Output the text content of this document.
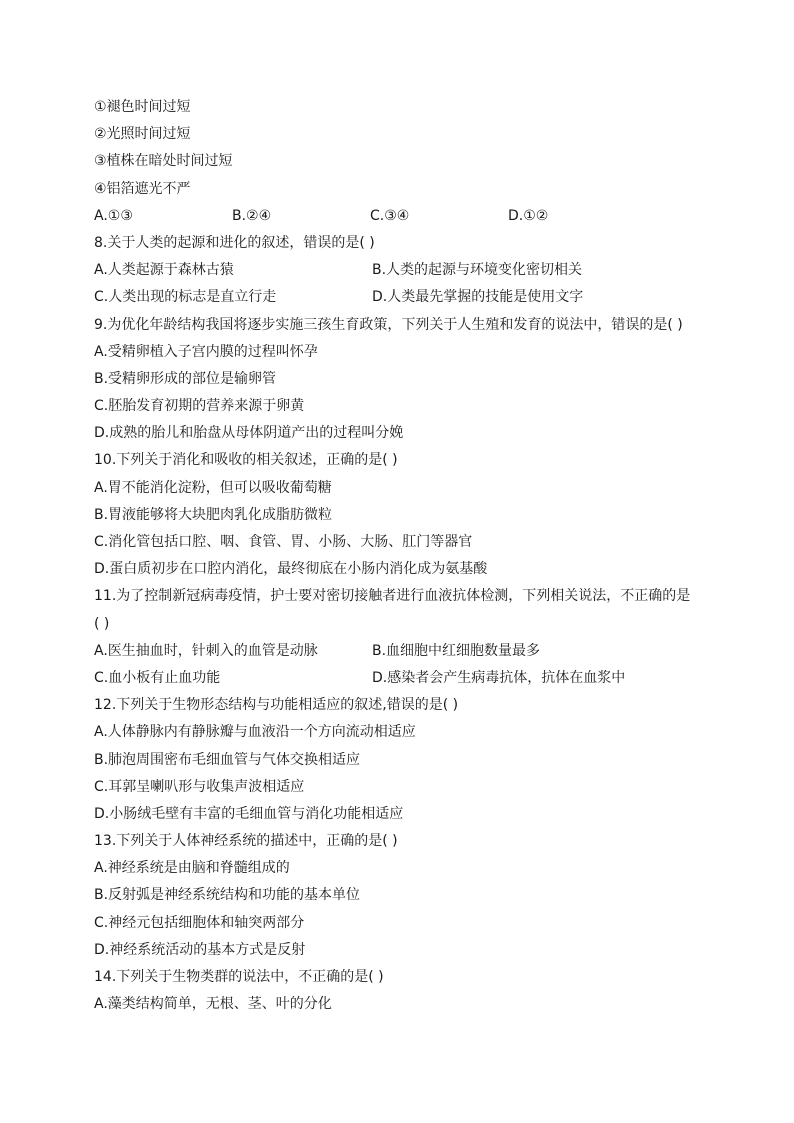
①褪色时间过短
②光照时间过短
③植株在暗处时间过短
④铝箔遮光不严
A.①③	B.②④	C.③④	D.①②
8.关于人类的起源和进化的叙述，错误的是( )
A.人类起源于森林古猿	B.人类的起源与环境变化密切相关
C.人类出现的标志是直立行走	D.人类最先掌握的技能是使用文字
9.为优化年龄结构我国将逐步实施三孩生育政策，下列关于人生殖和发育的说法中，错误的是( )
A.受精卵植入子宫内膜的过程叫怀孕
B.受精卵形成的部位是输卵管
C.胚胎发育初期的营养来源于卵黄
D.成熟的胎儿和胎盘从母体阴道产出的过程叫分娩
10.下列关于消化和吸收的相关叙述，正确的是( )
A.胃不能消化淀粉，但可以吸收葡萄糖
B.胃液能够将大块肥肉乳化成脂肪微粒
C.消化管包括口腔、咽、食管、胃、小肠、大肠、肛门等器官
D.蛋白质初步在口腔内消化，最终彻底在小肠内消化成为氨基酸
11.为了控制新冠病毒疫情，护士要对密切接触者进行血液抗体检测，下列相关说法，不正确的是
( )
A.医生抽血时，针刺入的血管是动脉	B.血细胞中红细胞数量最多
C.血小板有止血功能	D.感染者会产生病毒抗体，抗体在血浆中
12.下列关于生物形态结构与功能相适应的叙述,错误的是( )
A.人体静脉内有静脉瓣与血液沿一个方向流动相适应
B.肺泡周围密布毛细血管与气体交换相适应
C.耳郭呈喇叭形与收集声波相适应
D.小肠绒毛壁有丰富的毛细血管与消化功能相适应
13.下列关于人体神经系统的描述中，正确的是( )
A.神经系统是由脑和脊髓组成的
B.反射弧是神经系统结构和功能的基本单位
C.神经元包括细胞体和轴突两部分
D.神经系统活动的基本方式是反射
14.下列关于生物类群的说法中，不正确的是( )
A.藻类结构简单，无根、茎、叶的分化
